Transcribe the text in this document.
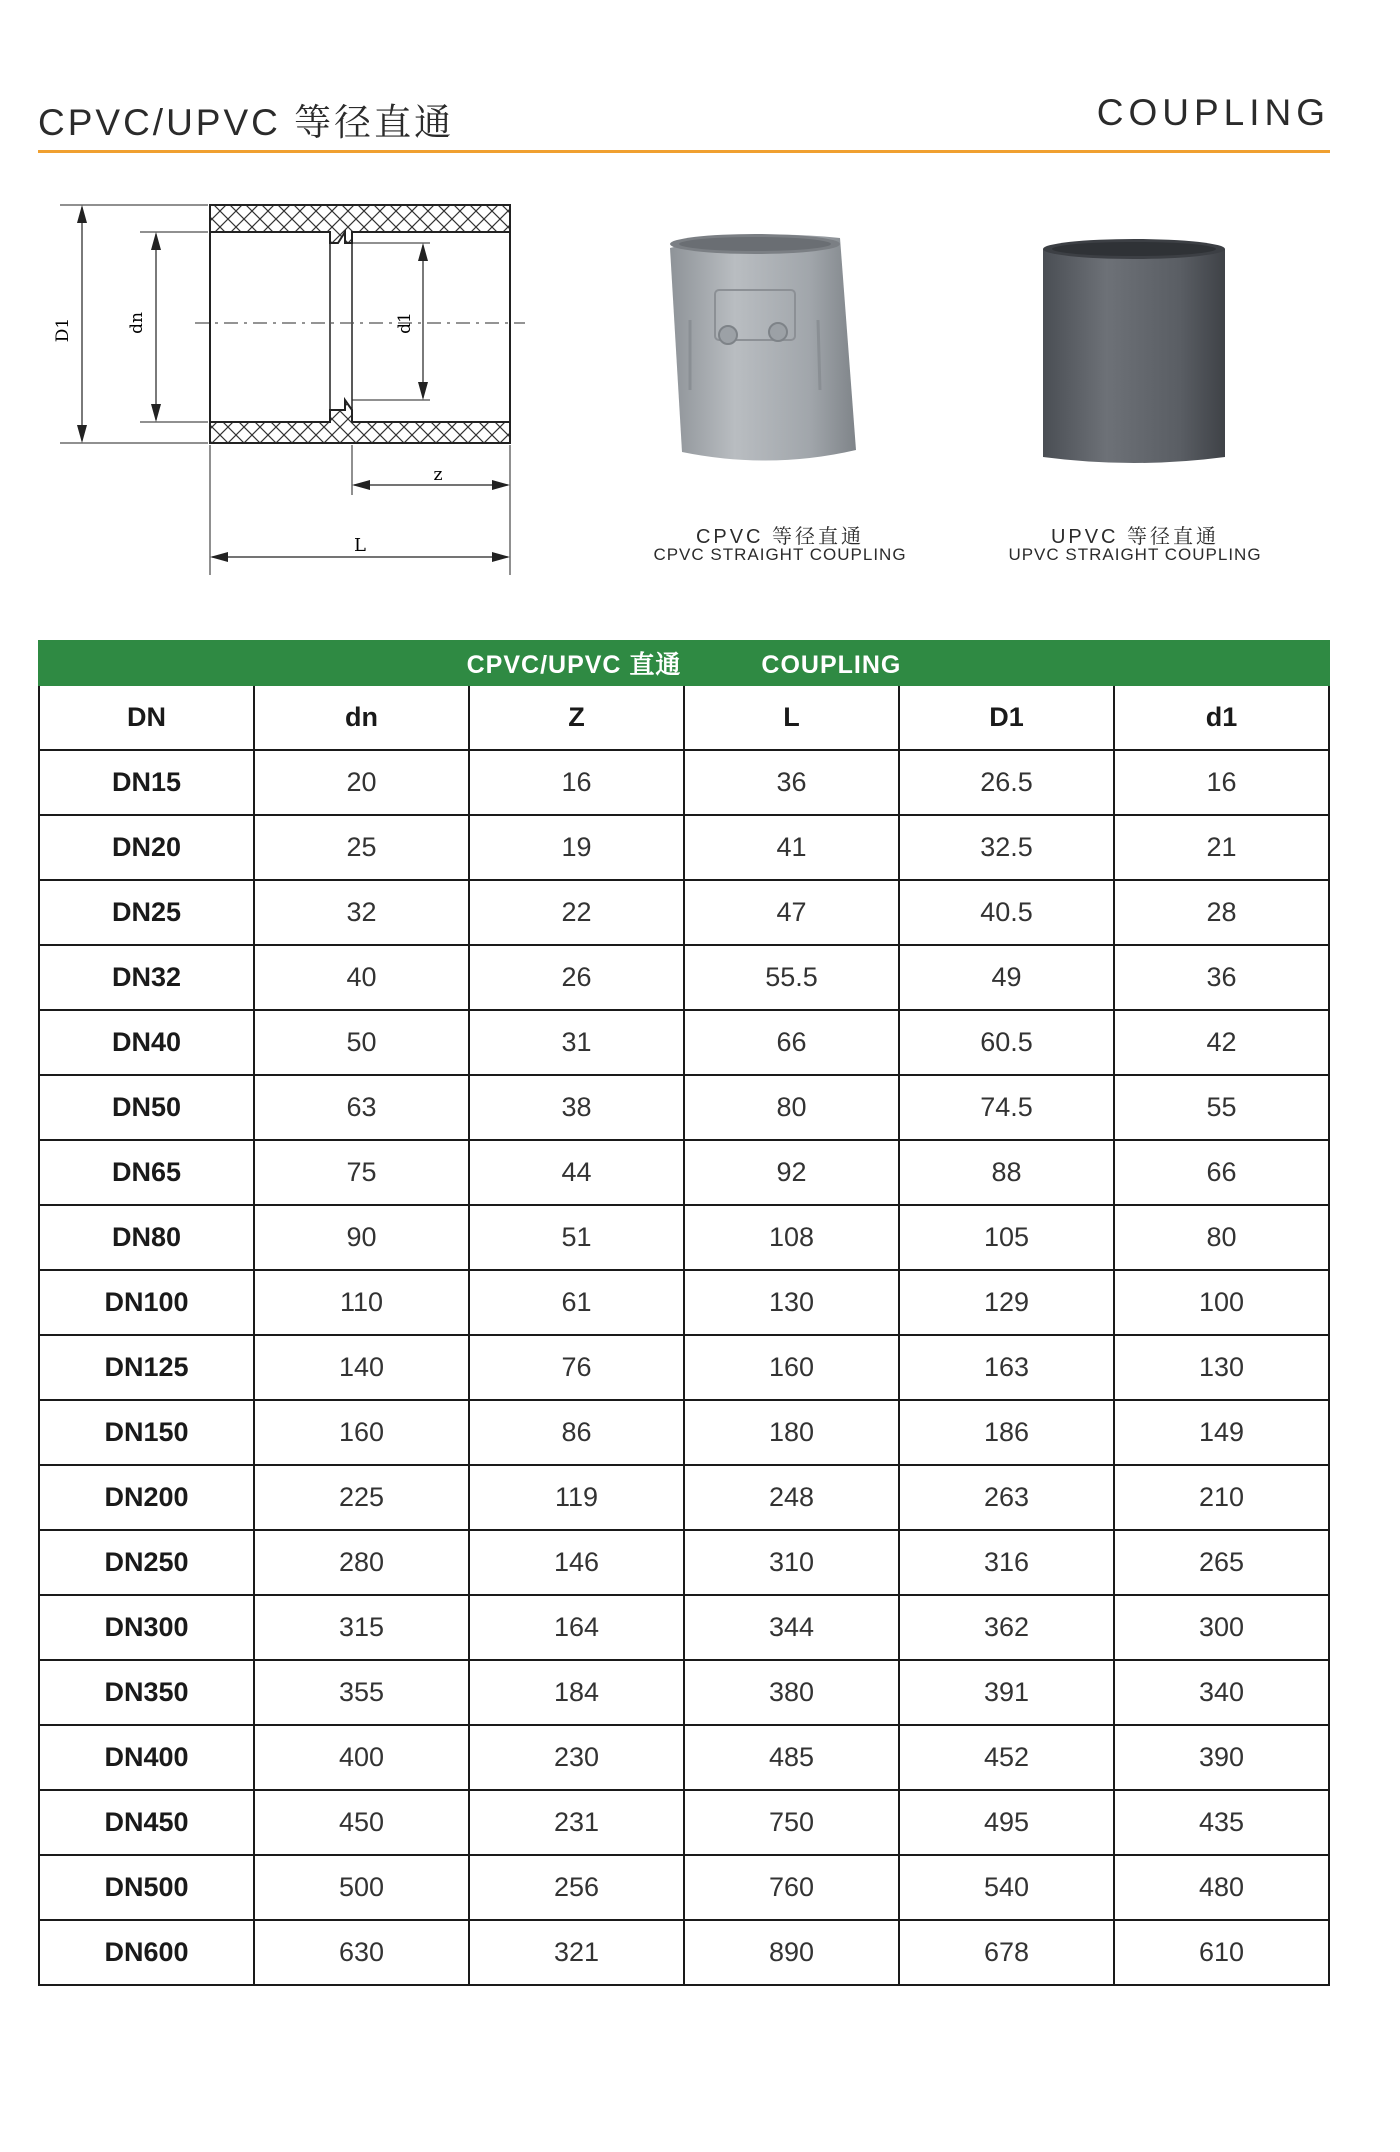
CPVC/UPVC 等径直通	COUPLING
D1	dn	d1
z
L	CPVC 等径直通
CPVC STRAIGHT COUPLING
UPVC 等径直通
UPVC STRAIGHT COUPLING
CPVC/UPVC 直通 COUPLING					
DN	dn	Z	L	D1	d1
DN15	20	16	36	26.5	16
DN20	25	19	41	32.5	21
DN25	32	22	47	40.5	28
DN32	40	26	55.5	49	36
DN40	50	31	66	60.5	42
DN50	63	38	80	74.5	55
DN65	75	44	92	88	66
DN80	90	51	108	105	80
DN100	110	61	130	129	100
DN125	140	76	160	163	130
DN150	160	86	180	186	149
DN200	225	119	248	263	210
DN250	280	146	310	316	265
DN300	315	164	344	362	300
DN350	355	184	380	391	340
DN400	400	230	485	452	390
DN450	450	231	750	495	435
DN500	500	256	760	540	480
DN600	630	321	890	678	610
